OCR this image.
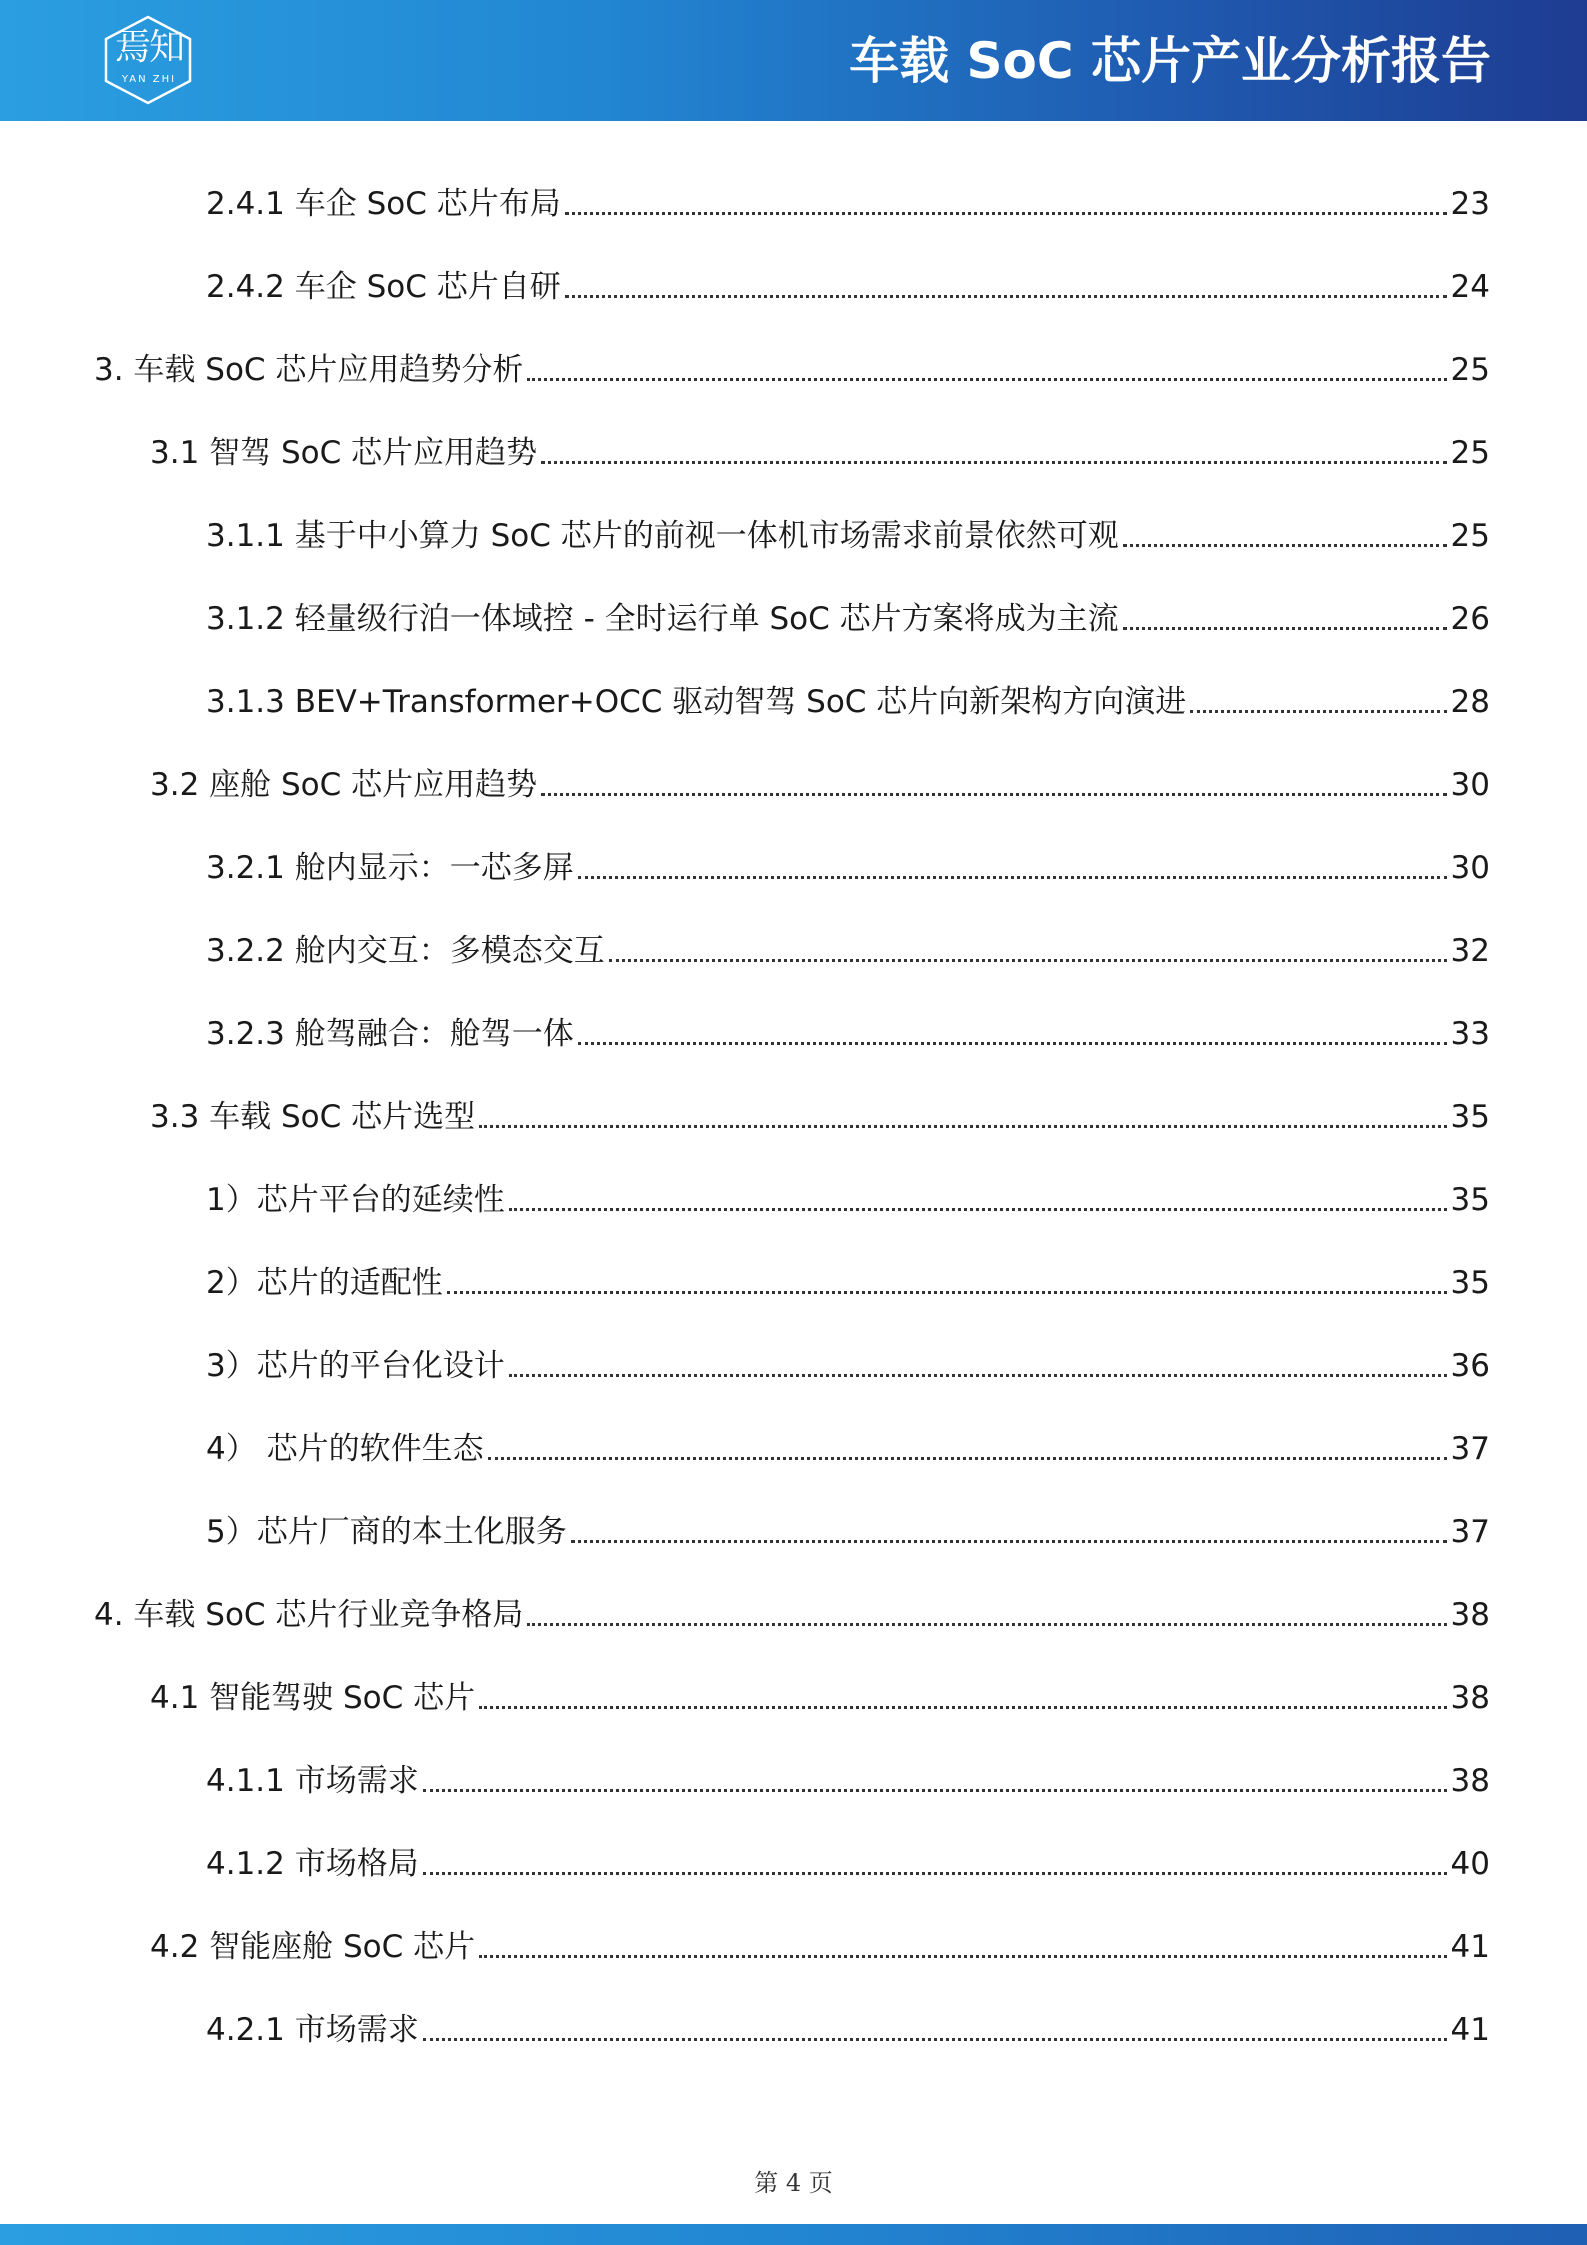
焉知
YAN ZHI	车载 SoC 芯片产业分析报告
2.4.1 车企 SoC 芯片布局	23
2.4.2 车企 SoC 芯片自研	24
3. 车载 SoC 芯片应用趋势分析	25
3.1 智驾 SoC 芯片应用趋势	25
3.1.1 基于中小算力 SoC 芯片的前视一体机市场需求前景依然可观	25
3.1.2 轻量级行泊一体域控 - 全时运行单 SoC 芯片方案将成为主流	26
3.1.3 BEV+Transformer+OCC 驱动智驾 SoC 芯片向新架构方向演进	28
3.2 座舱 SoC 芯片应用趋势	30
3.2.1 舱内显示：一芯多屏	30
3.2.2 舱内交互：多模态交互	32
3.2.3 舱驾融合：舱驾一体	33
3.3 车载 SoC 芯片选型	35
1）芯片平台的延续性	35
2）芯片的适配性	35
3）芯片的平台化设计	36
4） 芯片的软件生态	37
5）芯片厂商的本土化服务	37
4. 车载 SoC 芯片行业竞争格局	38
4.1 智能驾驶 SoC 芯片	38
4.1.1 市场需求	38
4.1.2 市场格局	40
4.2 智能座舱 SoC 芯片	41
4.2.1 市场需求	41
第 4 页
